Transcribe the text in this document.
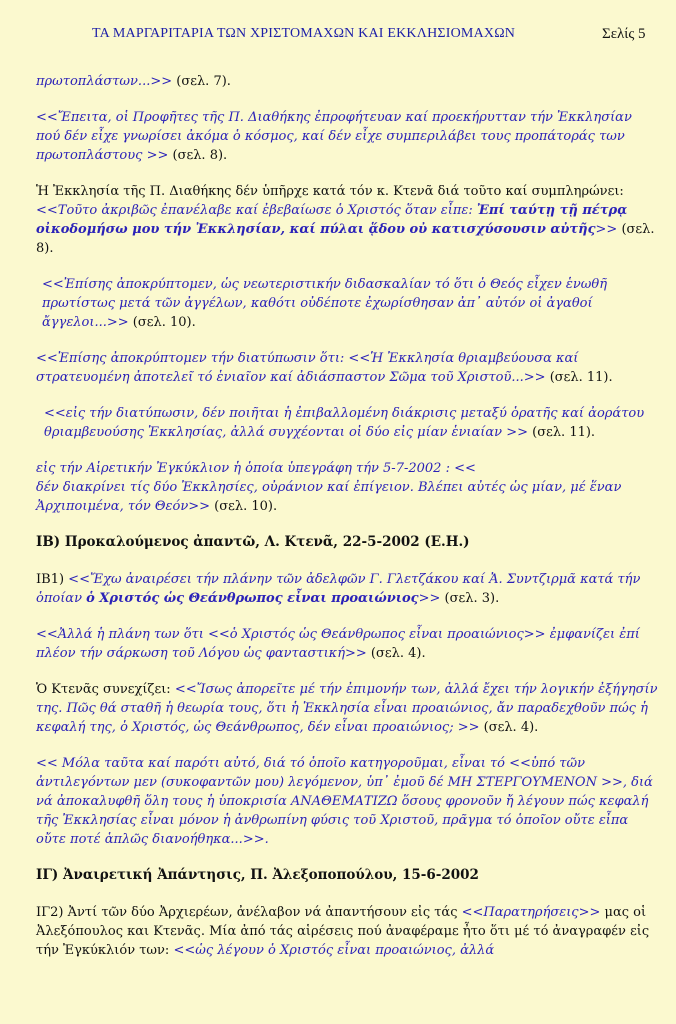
ΤΑ ΜΑΡΓΑΡΙΤΑΡΙΑ ΤΩΝ ΧΡΙΣΤΟΜΑΧΩΝ ΚΑΙ ΕΚΚΛΗΣΙΟΜΑΧΩΝ	Σελίς 5

πρωτοπλάστων...>> (σελ. 7).

<<Ἔπειτα, οἱ Προφῆτες τῆς Π. Διαθήκης ἐπροφήτευαν καί προεκήρυτταν τήν Ἐκκλησίαν πού δέν εἶχε γνωρίσει ἀκόμα ὁ κόσμος, καί δέν εἶχε συμπεριλάβει τους προπάτοράς των πρωτοπλάστους >> (σελ. 8).

Ἡ Ἐκκλησία τῆς Π. Διαθήκης δέν ὑπῆρχε κατά τόν κ. Κτενᾶ διά τοῦτο καί συμπληρώνει:
<<Τοῦτο ἀκριβῶς ἐπανέλαβε καί ἐβεβαίωσε ὁ Χριστός ὅταν εἶπε: Ἐπί ταύτῃ τῇ πέτρᾳ οἰκοδομήσω μου τήν Ἐκκλησίαν, καί πύλαι ᾅδου οὐ κατισχύσουσιν αὐτῆς>> (σελ. 8).

<<Ἐπίσης ἀποκρύπτομεν, ὡς νεωτεριστικήν διδασκαλίαν τό ὅτι ὁ Θεός εἶχεν ἑνωθῆ πρωτίστως μετά τῶν ἀγγέλων, καθότι οὐδέποτε ἐχωρίσθησαν ἀπ᾽ αὐτόν οἱ ἀγαθοί ἄγγελοι...>> (σελ. 10).

<<Ἐπίσης ἀποκρύπτομεν τήν διατύπωσιν ὅτι: <<Ἡ Ἐκκλησία θριαμβεύουσα καί στρατευομένη ἀποτελεῖ τό ἑνιαῖον καί ἀδιάσπαστον Σῶμα τοῦ Χριστοῦ...>> (σελ. 11).

<<εἰς τήν διατύπωσιν, δέν ποιῆται ἡ ἐπιβαλλομένη διάκρισις μεταξύ ὁρατῆς καί ἀοράτου θριαμβευούσης Ἐκκλησίας, ἀλλά συγχέονται οἱ δύο εἰς μίαν ἑνιαίαν >> (σελ. 11).

εἰς τήν Αἱρετικήν Ἐγκύκλιον ἡ ὁποία ὑπεγράφη τήν 5-7-2002 : <<
δέν διακρίνει τίς δύο Ἐκκλησίες, οὐράνιον καί ἐπίγειον. Βλέπει αὐτές ὡς μίαν, μέ ἕναν Ἀρχιποιμένα, τόν Θεόν>> (σελ. 10).

ΙΒ) Προκαλούμενος ἀπαντῶ, Λ. Κτενᾶ, 22-5-2002 (Ε.Η.)

ΙΒ1) <<Ἔχω ἀναιρέσει τήν πλάνην τῶν ἀδελφῶν Γ. Γλετζάκου καί Ἀ. Συντζιρμᾶ κατά τήν ὁποίαν ὁ Χριστός ὡς Θεάνθρωπος εἶναι προαιώνιος>> (σελ. 3).

<<Ἀλλά ἡ πλάνη των ὅτι <<ὁ Χριστός ὡς Θεάνθρωπος εἶναι προαιώνιος>> ἐμφανίζει ἐπί πλέον τήν σάρκωση τοῦ Λόγου ὡς φανταστική>> (σελ. 4).

Ὁ Κτενᾶς συνεχίζει: <<Ἴσως ἀπορεῖτε μέ τήν ἐπιμονήν των, ἀλλά ἔχει τήν λογικήν ἐξήγησίν της. Πῶς θά σταθῆ ἡ θεωρία τους, ὅτι ἡ Ἐκκλησία εἶναι προαιώνιος, ἄν παραδεχθοῦν πώς ἡ κεφαλή της, ὁ Χριστός, ὡς Θεάνθρωπος, δέν εἶναι προαιώνιος; >> (σελ. 4).

<< Μόλα ταῦτα καί παρότι αὐτό, διά τό ὁποῖο κατηγοροῦμαι, εἶναι τό <<ὑπό τῶν ἀντιλεγόντων μεν (συκοφαντῶν μου) λεγόμενον, ὑπ᾽ ἐμοῦ δέ ΜΗ ΣΤΕΡΓΟΥΜΕΝΟΝ >>, διά νά ἀποκαλυφθῆ ὅλη τους ἡ ὑποκρισία ΑΝΑΘΕΜΑΤΙΖΩ ὅσους φρονοῦν ἤ λέγουν πώς κεφαλή τῆς Ἐκκλησίας εἶναι μόνον ἡ ἀνθρωπίνη φύσις τοῦ Χριστοῦ, πρᾶγμα τό ὁποῖον οὔτε εἶπα οὔτε ποτέ ἁπλῶς διανοήθηκα...>>.

ΙΓ) Ἀναιρετική Ἀπάντησις, Π. Ἀλεξοποπούλου, 15-6-2002

ΙΓ2) Ἀντί τῶν δύο Ἀρχιερέων, ἀνέλαβον νά ἀπαντήσουν εἰς τάς <<Παρατηρήσεις>> μας οἱ Ἀλεξόπουλος και Κτενᾶς. Μία ἀπό τάς αἱρέσεις πού ἀναφέραμε ἦτο ὅτι μέ τό ἀναγραφέν εἰς τήν Ἐγκύκλιόν των: <<ὡς λέγουν ὁ Χριστός εἶναι προαιώνιος, ἀλλά
